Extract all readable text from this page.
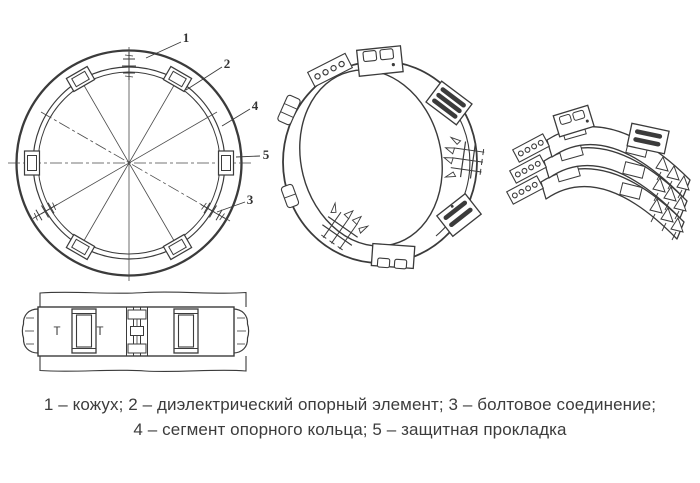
1
2
4
5
3
T	T
1 – кожух; 2 – диэлектрический опорный элемент; 3 – болтовое соединение;
4 – сегмент опорного кольца; 5 – защитная прокладка
